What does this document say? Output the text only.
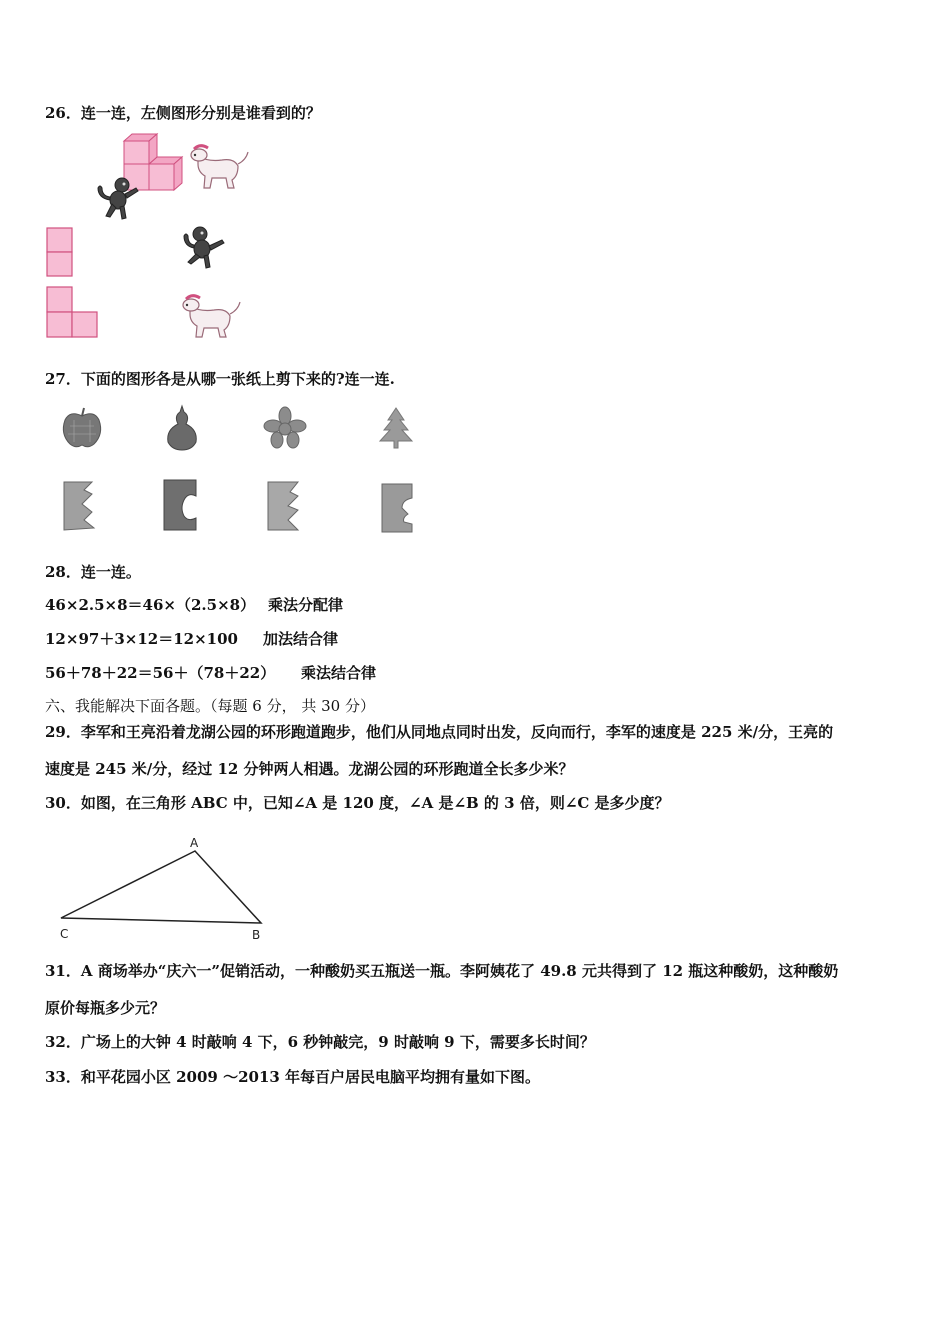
26．连一连，左侧图形分别是谁看到的？
27．下面的图形各是从哪一张纸上剪下来的?连一连.
28．连一连。
46×2.5×8＝46×（2.5×8） 乘法分配律
12×97＋3×12＝12×100 加法结合律
56＋78＋22＝56＋（78＋22） 乘法结合律
六、我能解决下面各题。（每题 6 分， 共 30 分）
29．李军和王亮沿着龙湖公园的环形跑道跑步，他们从同地点同时出发，反向而行，李军的速度是 225 米/分，王亮的
速度是 245 米/分，经过 12 分钟两人相遇。龙湖公园的环形跑道全长多少米？
30．如图，在三角形 ABC 中，已知∠A 是 120 度，∠A 是∠B 的 3 倍，则∠C 是多少度？
A
B
C
31．A 商场举办“庆六一”促销活动，一种酸奶买五瓶送一瓶。李阿姨花了 49.8 元共得到了 12 瓶这种酸奶，这种酸奶
原价每瓶多少元？
32．广场上的大钟 4 时敲响 4 下，6 秒钟敲完，9 时敲响 9 下，需要多长时间？
33．和平花园小区 2009 ～2013 年每百户居民电脑平均拥有量如下图。
